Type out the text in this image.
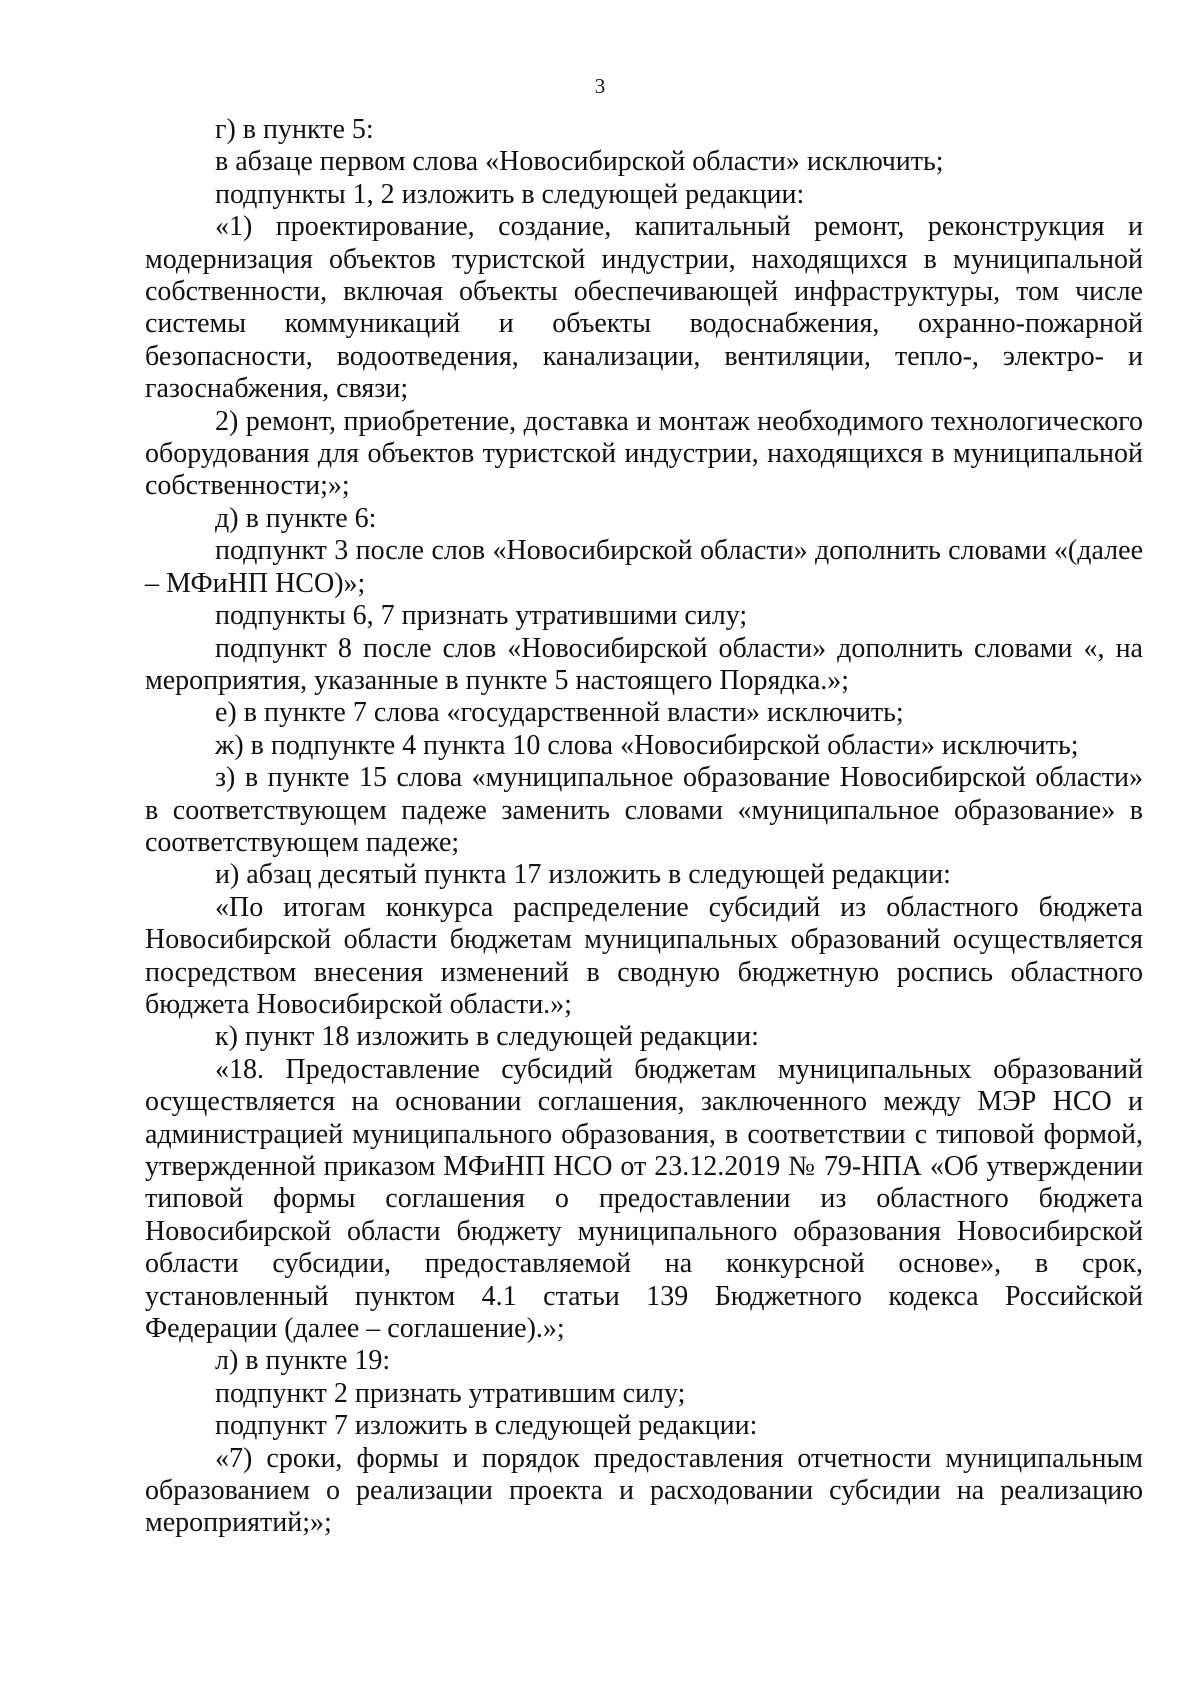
3

г) в пункте 5:

в абзаце первом слова «Новосибирской области» исключить;

подпункты 1, 2 изложить в следующей редакции:

«1) проектирование, создание, капитальный ремонт, реконструкция и модернизация объектов туристской индустрии, находящихся в муниципальной собственности, включая объекты обеспечивающей инфраструктуры, том числе системы коммуникаций и объекты водоснабжения, охранно-пожарной безопасности, водоотведения, канализации, вентиляции, тепло-, электро- и газоснабжения, связи;

2) ремонт, приобретение, доставка и монтаж необходимого технологического оборудования для объектов туристской индустрии, находящихся в муниципальной собственности;»;

д) в пункте 6:

подпункт 3 после слов «Новосибирской области» дополнить словами «(далее – МФиНП НСО)»;

подпункты 6, 7 признать утратившими силу;

подпункт 8 после слов «Новосибирской области» дополнить словами «, на мероприятия, указанные в пункте 5 настоящего Порядка.»;

е) в пункте 7 слова «государственной власти» исключить;

ж) в подпункте 4 пункта 10 слова «Новосибирской области» исключить;

з) в пункте 15 слова «муниципальное образование Новосибирской области» в соответствующем падеже заменить словами «муниципальное образование» в соответствующем падеже;

и) абзац десятый пункта 17 изложить в следующей редакции:

«По итогам конкурса распределение субсидий из областного бюджета Новосибирской области бюджетам муниципальных образований осуществляется посредством внесения изменений в сводную бюджетную роспись областного бюджета Новосибирской области.»;

к) пункт 18 изложить в следующей редакции:

«18. Предоставление субсидий бюджетам муниципальных образований осуществляется на основании соглашения, заключенного между МЭР НСО и администрацией муниципального образования, в соответствии с типовой формой, утвержденной приказом МФиНП НСО от 23.12.2019 № 79-НПА «Об утверждении типовой формы соглашения о предоставлении из областного бюджета Новосибирской области бюджету муниципального образования Новосибирской области субсидии, предоставляемой на конкурсной основе», в срок, установленный пунктом 4.1 статьи 139 Бюджетного кодекса Российской Федерации (далее – соглашение).»;

л) в пункте 19:

подпункт 2 признать утратившим силу;

подпункт 7 изложить в следующей редакции:

«7) сроки, формы и порядок предоставления отчетности муниципальным образованием о реализации проекта и расходовании субсидии на реализацию мероприятий;»;
